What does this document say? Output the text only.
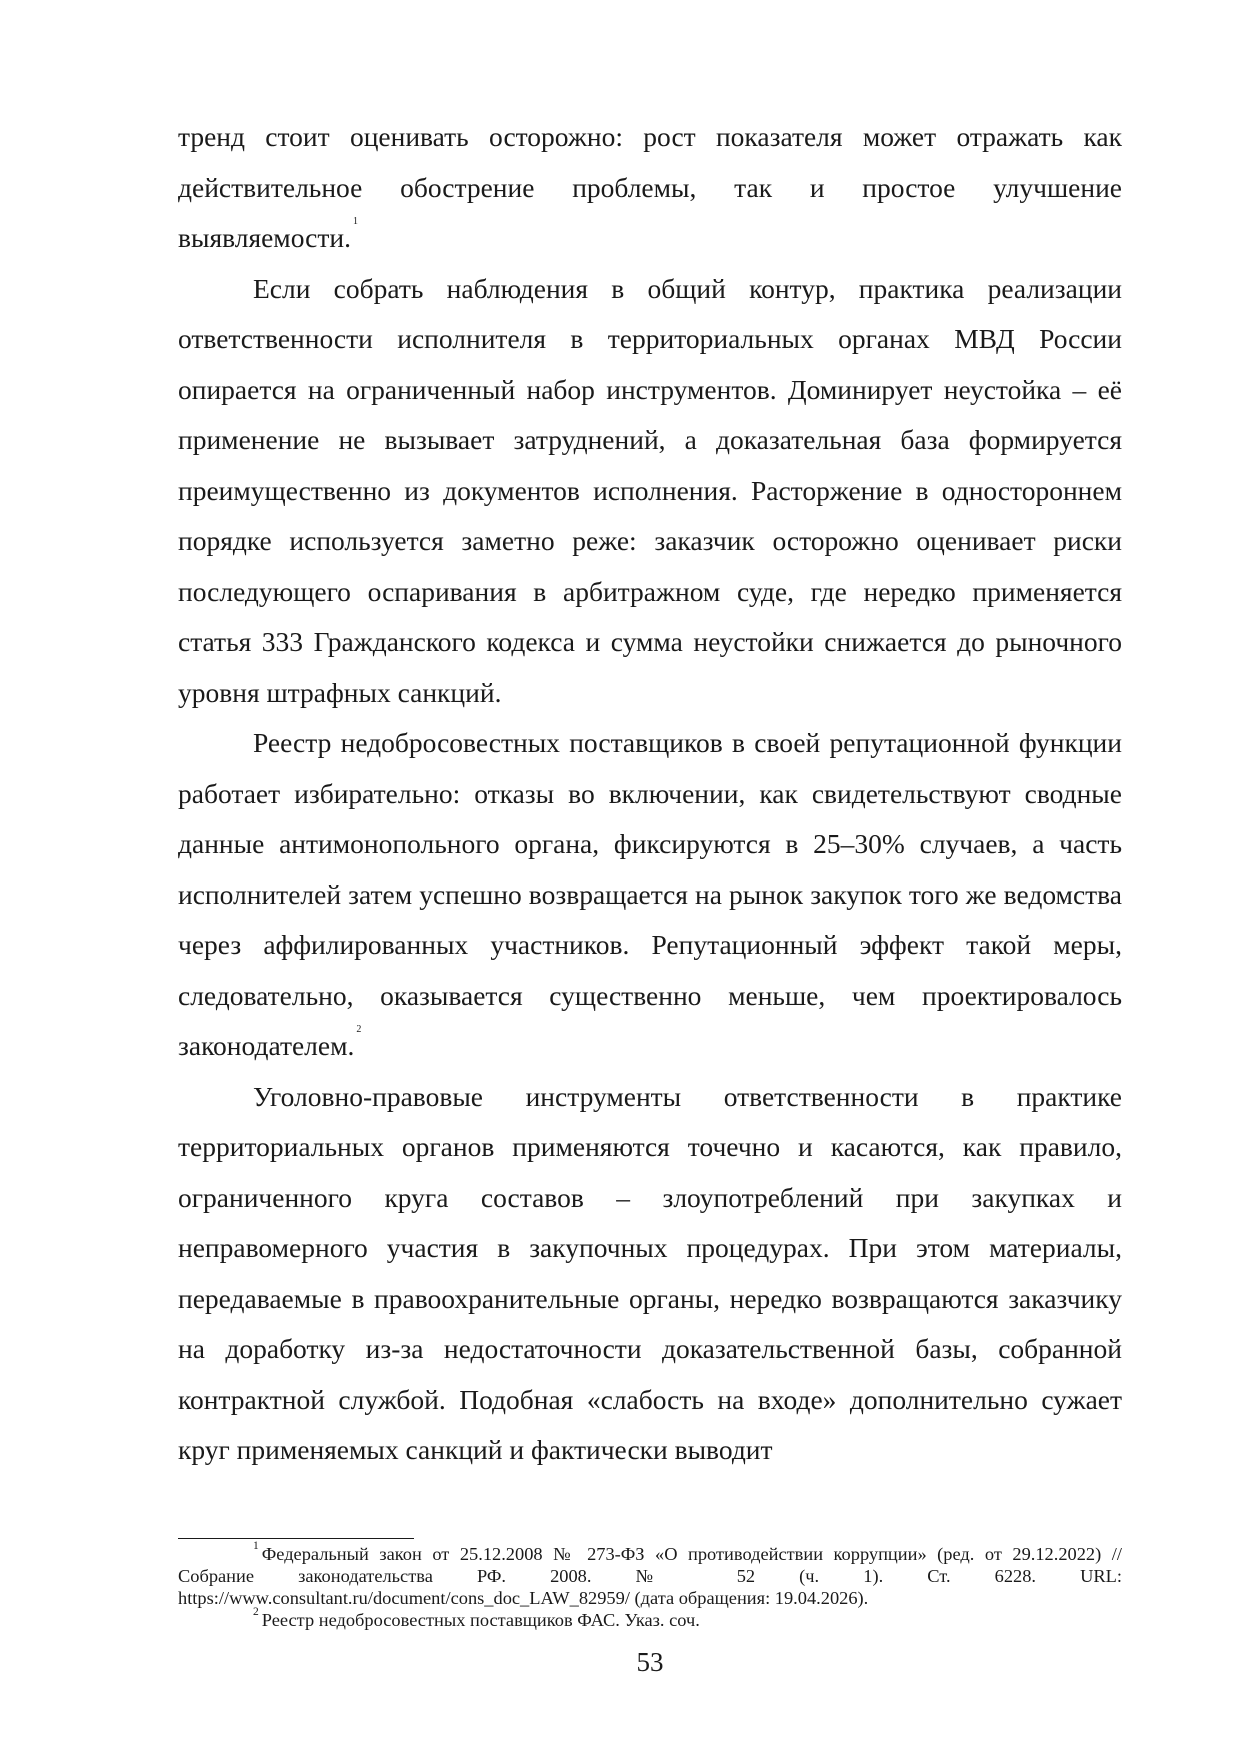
тренд стоит оценивать осторожно: рост показателя может отражать как действительное обострение проблемы, так и простое улучшение выявляемости.$^1$

Если собрать наблюдения в общий контур, практика реализации ответственности исполнителя в территориальных органах МВД России опирается на ограниченный набор инструментов. Доминирует неустойка – её применение не вызывает затруднений, а доказательная база формируется преимущественно из документов исполнения. Расторжение в одностороннем порядке используется заметно реже: заказчик осторожно оценивает риски последующего оспаривания в арбитражном суде, где нередко применяется статья 333 Гражданского кодекса и сумма неустойки снижается до рыночного уровня штрафных санкций.

Реестр недобросовестных поставщиков в своей репутационной функции работает избирательно: отказы во включении, как свидетельствуют сводные данные антимонопольного органа, фиксируются в 25–30% случаев, а часть исполнителей затем успешно возвращается на рынок закупок того же ведомства через аффилированных участников. Репутационный эффект такой меры, следовательно, оказывается существенно меньше, чем проектировалось законодателем.$^2$

Уголовно-правовые инструменты ответственности в практике территориальных органов применяются точечно и касаются, как правило, ограниченного круга составов – злоупотреблений при закупках и неправомерного участия в закупочных процедурах. При этом материалы, передаваемые в правоохранительные органы, нередко возвращаются заказчику на доработку из-за недостаточности доказательственной базы, собранной контрактной службой. Подобная «слабость на входе» дополнительно сужает круг применяемых санкций и фактически выводит

$^1$ Федеральный закон от 25.12.2008 № 273-ФЗ «О противодействии коррупции» (ред. от 29.12.2022) // Собрание законодательства РФ. 2008. № 52 (ч. 1). Ст. 6228. URL: https://www.consultant.ru/document/cons_doc_LAW_82959/ (дата обращения: 19.04.2026).

$^2$ Реестр недобросовестных поставщиков ФАС. Указ. соч.

53
